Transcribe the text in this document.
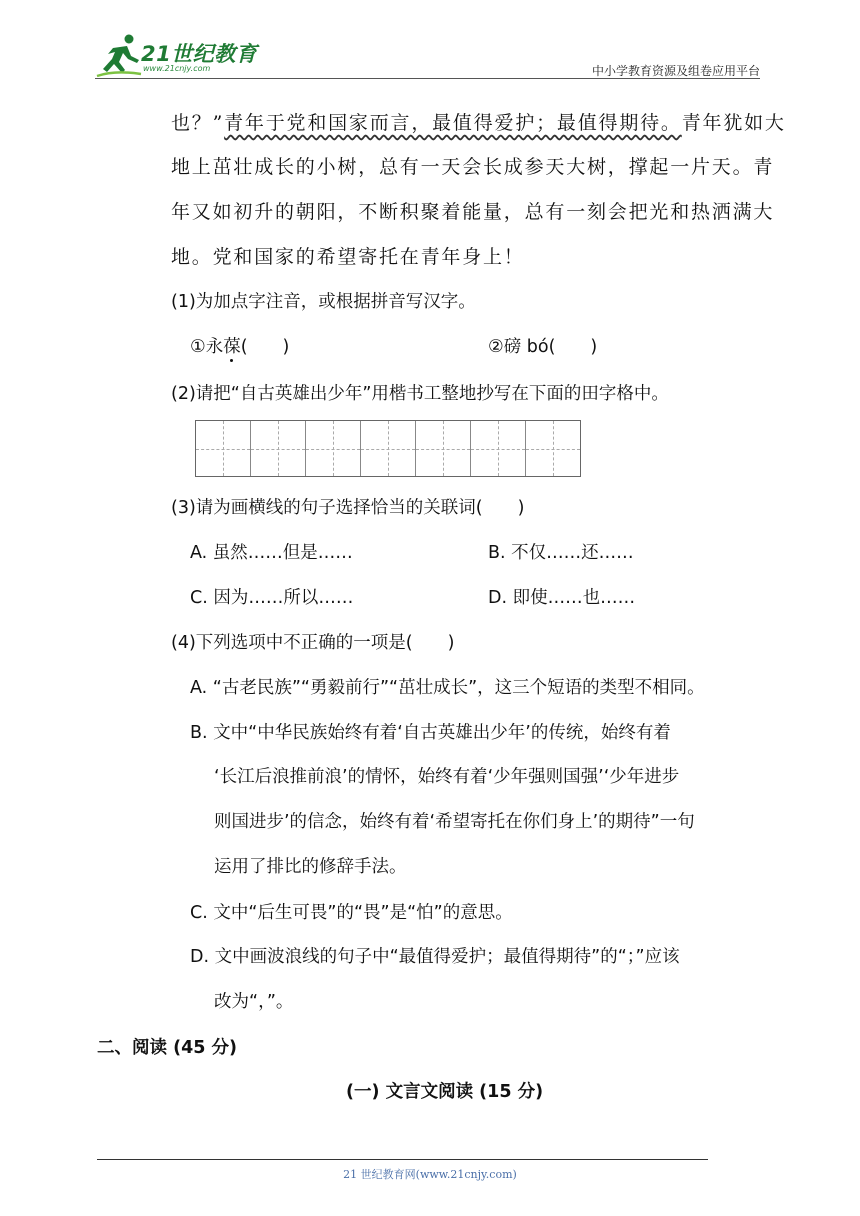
21世纪教育
www.21cnjy.com	中小学教育资源及组卷应用平台
也？”青年于党和国家而言，最值得爱护；最值得期待。青年犹如大
地上茁壮成长的小树，总有一天会长成参天大树，撑起一片天。青
年又如初升的朝阳，不断积聚着能量，总有一刻会把光和热洒满大
地。党和国家的希望寄托在青年身上！
(1)为加点字注音，或根据拼音写汉字。
①永葆(　　)	②磅 bó(　　)
(2)请把“自古英雄出少年”用楷书工整地抄写在下面的田字格中。
(3)请为画横线的句子选择恰当的关联词(　　)
A. 虽然……但是……	B. 不仅……还……
C. 因为……所以……	D. 即使……也……
(4)下列选项中不正确的一项是(　　)
A. “古老民族”“勇毅前行”“茁壮成长”，这三个短语的类型不相同。
B. 文中“中华民族始终有着‘自古英雄出少年’的传统，始终有着
‘长江后浪推前浪’的情怀，始终有着‘少年强则国强’‘少年进步
则国进步’的信念，始终有着‘希望寄托在你们身上’的期待”一句
运用了排比的修辞手法。
C. 文中“后生可畏”的“畏”是“怕”的意思。
D. 文中画波浪线的句子中“最值得爱护；最值得期待”的“；”应该
改为“，”。
二、阅读 (45 分)
(一) 文言文阅读 (15 分)
21 世纪教育网(www.21cnjy.com)
